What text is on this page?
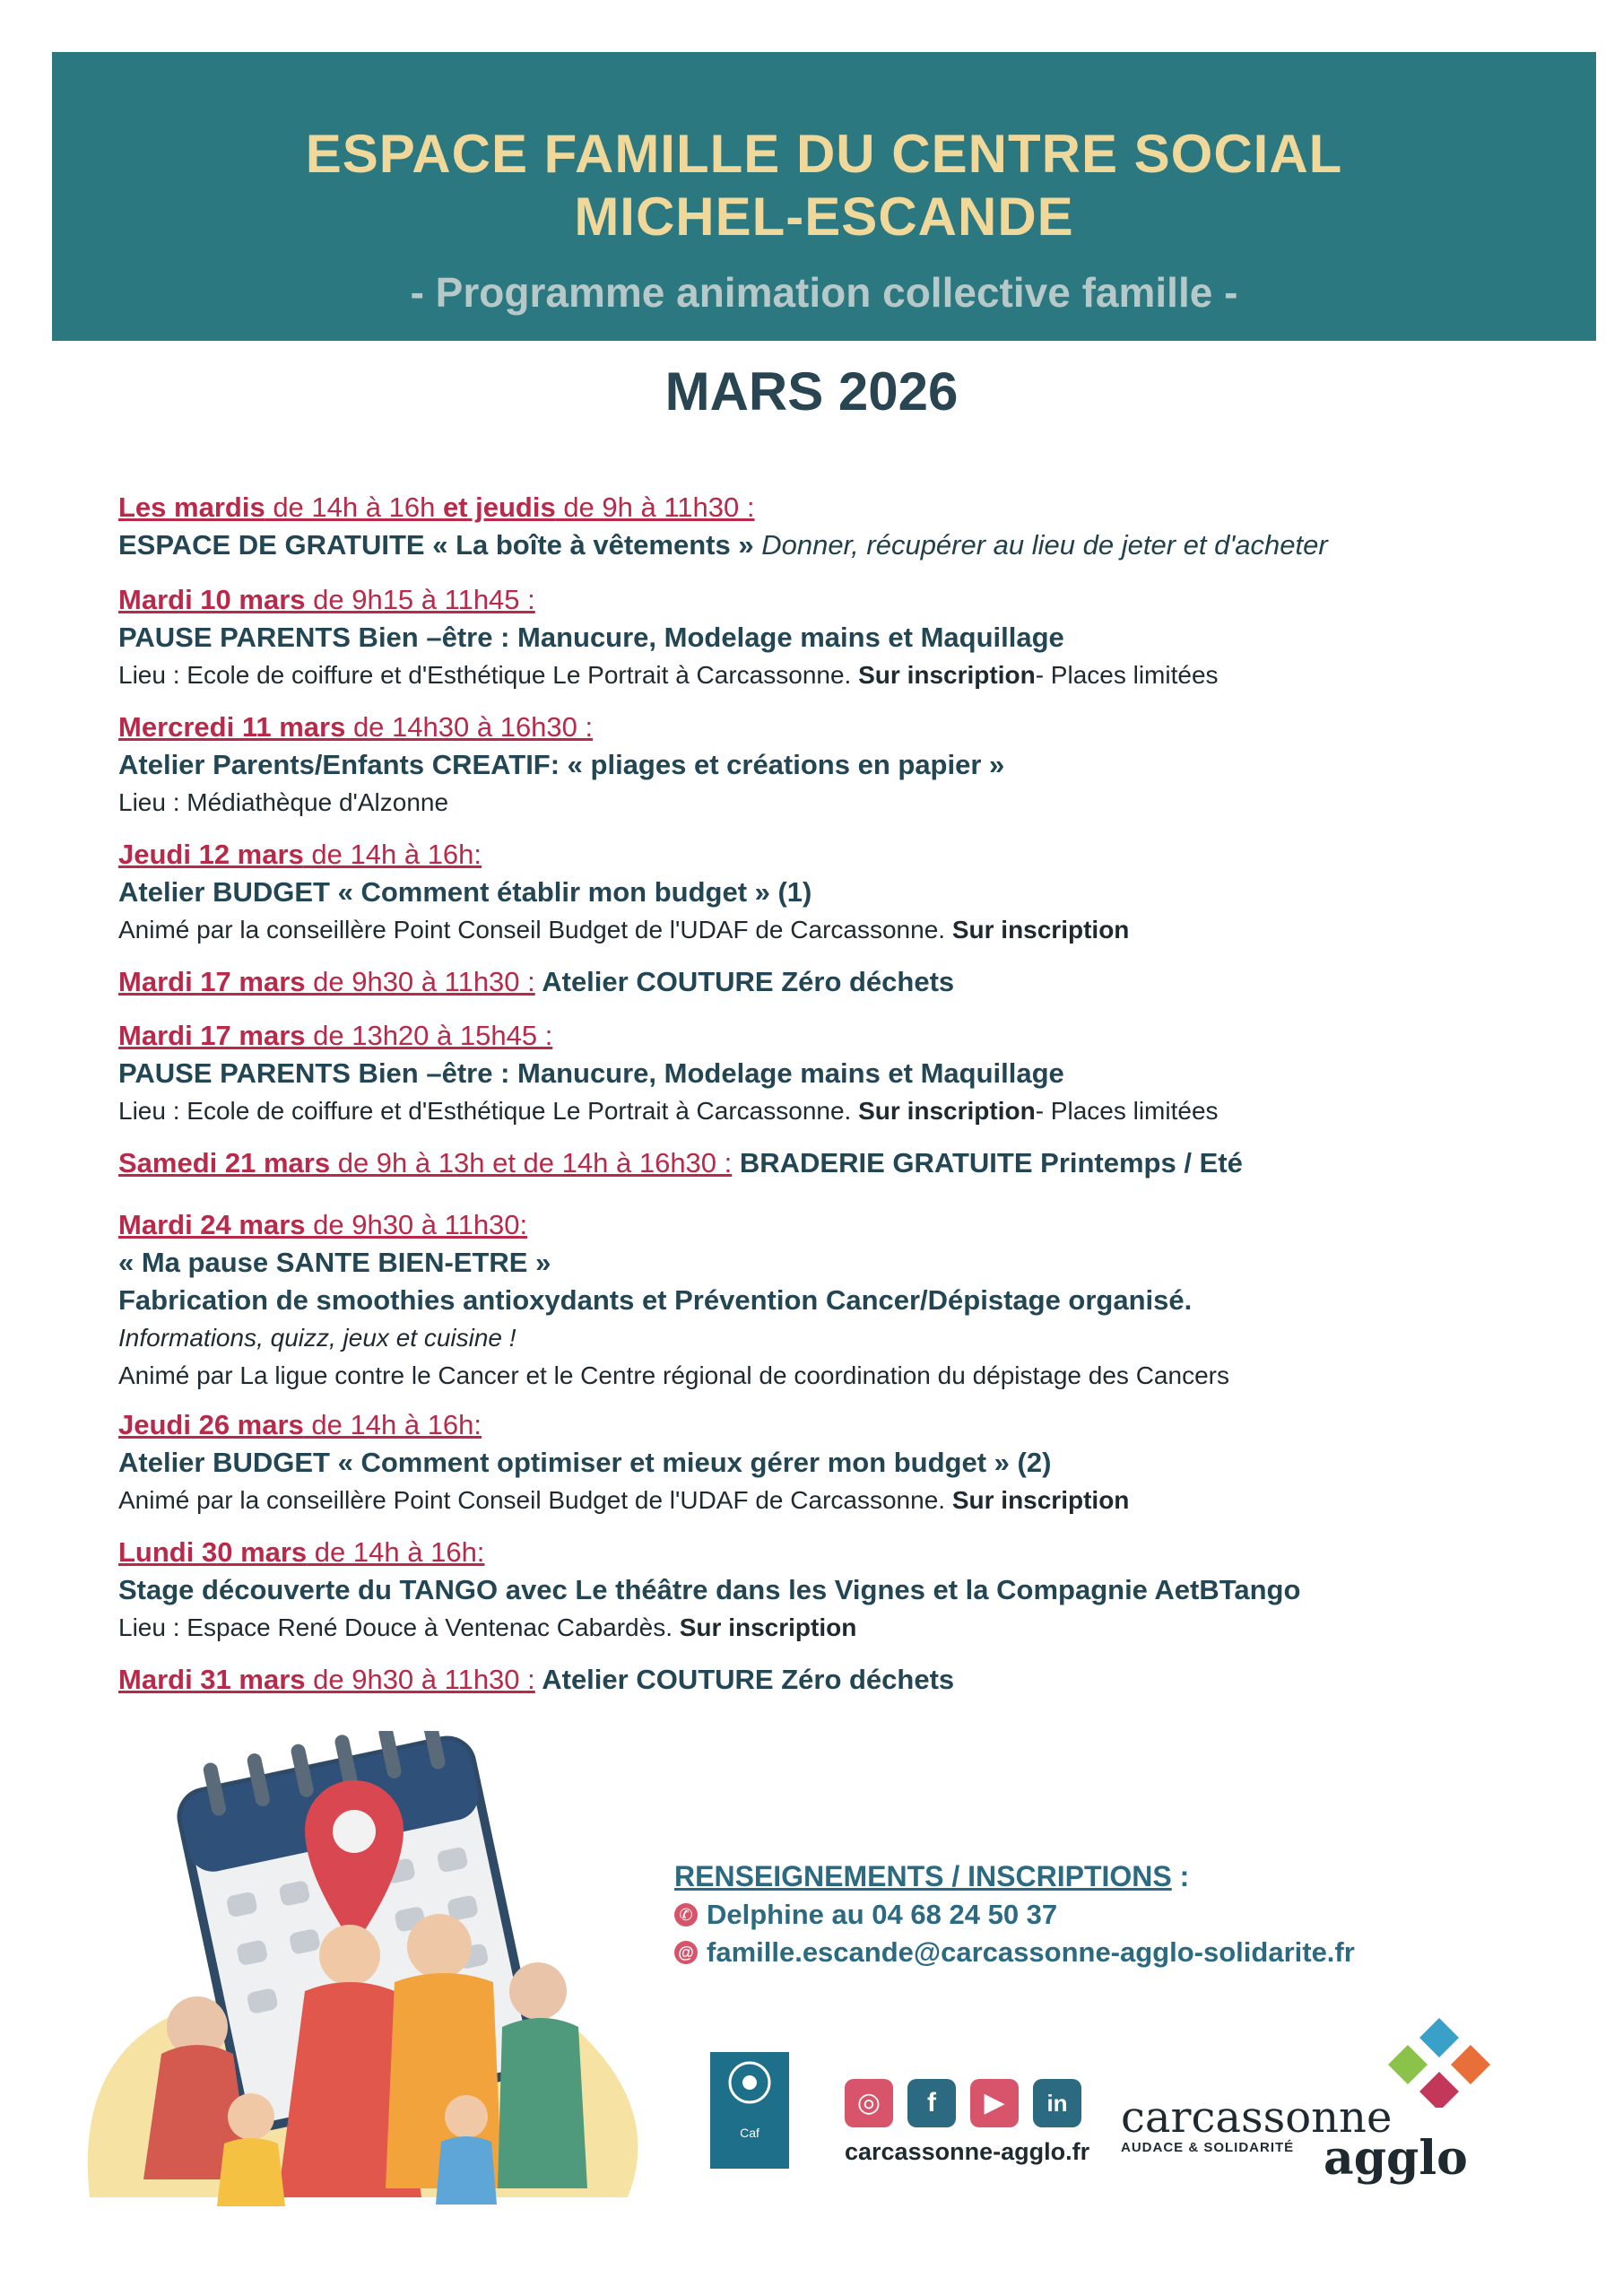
ESPACE FAMILLE DU CENTRE SOCIAL
MICHEL-ESCANDE
- Programme animation collective famille -
MARS 2026
Les mardis de 14h à 16h et jeudis de 9h à 11h30 :
ESPACE DE GRATUITE « La boîte à vêtements » Donner, récupérer au lieu de jeter et d'acheter
Mardi 10 mars de 9h15 à 11h45 :
PAUSE PARENTS Bien –être : Manucure, Modelage mains et Maquillage
Lieu : Ecole de coiffure et d'Esthétique Le Portrait à Carcassonne. Sur inscription- Places limitées
Mercredi 11 mars de 14h30 à 16h30 :
Atelier Parents/Enfants CREATIF: « pliages et créations en papier »
Lieu : Médiathèque d'Alzonne
Jeudi 12 mars de 14h à 16h:
Atelier BUDGET « Comment établir mon budget » (1)
Animé par la conseillère Point Conseil Budget de l'UDAF de Carcassonne. Sur inscription
Mardi 17 mars de 9h30 à 11h30 : Atelier COUTURE Zéro déchets
Mardi 17 mars de 13h20 à 15h45 :
PAUSE PARENTS Bien –être : Manucure, Modelage mains et Maquillage
Lieu : Ecole de coiffure et d'Esthétique Le Portrait à Carcassonne. Sur inscription- Places limitées
Samedi 21 mars de 9h à 13h et de 14h à 16h30 : BRADERIE GRATUITE Printemps / Eté
Mardi 24 mars de 9h30 à 11h30:
« Ma pause SANTE BIEN-ETRE »
Fabrication de smoothies antioxydants et Prévention Cancer/Dépistage organisé.
Informations, quizz, jeux et cuisine !
Animé par La ligue contre le Cancer et le Centre régional de coordination du dépistage des Cancers
Jeudi 26 mars de 14h à 16h:
Atelier BUDGET « Comment optimiser et mieux gérer mon budget » (2)
Animé par la conseillère Point Conseil Budget de l'UDAF de Carcassonne. Sur inscription
Lundi 30 mars de 14h à 16h:
Stage découverte du TANGO avec Le théâtre dans les Vignes et la Compagnie AetBTango
Lieu : Espace René Douce à Ventenac Cabardès. Sur inscription
Mardi 31 mars de 9h30 à 11h30 : Atelier COUTURE Zéro déchets
RENSEIGNEMENTS / INSCRIPTIONS :
✆ Delphine au 04 68 24 50 37
@ famille.escande@carcassonne-agglo-solidarite.fr
Caf
◎	f	▶	in
carcassonne-agglo.fr
carcassonne
AUDACE & SOLIDARITÉ agglo
